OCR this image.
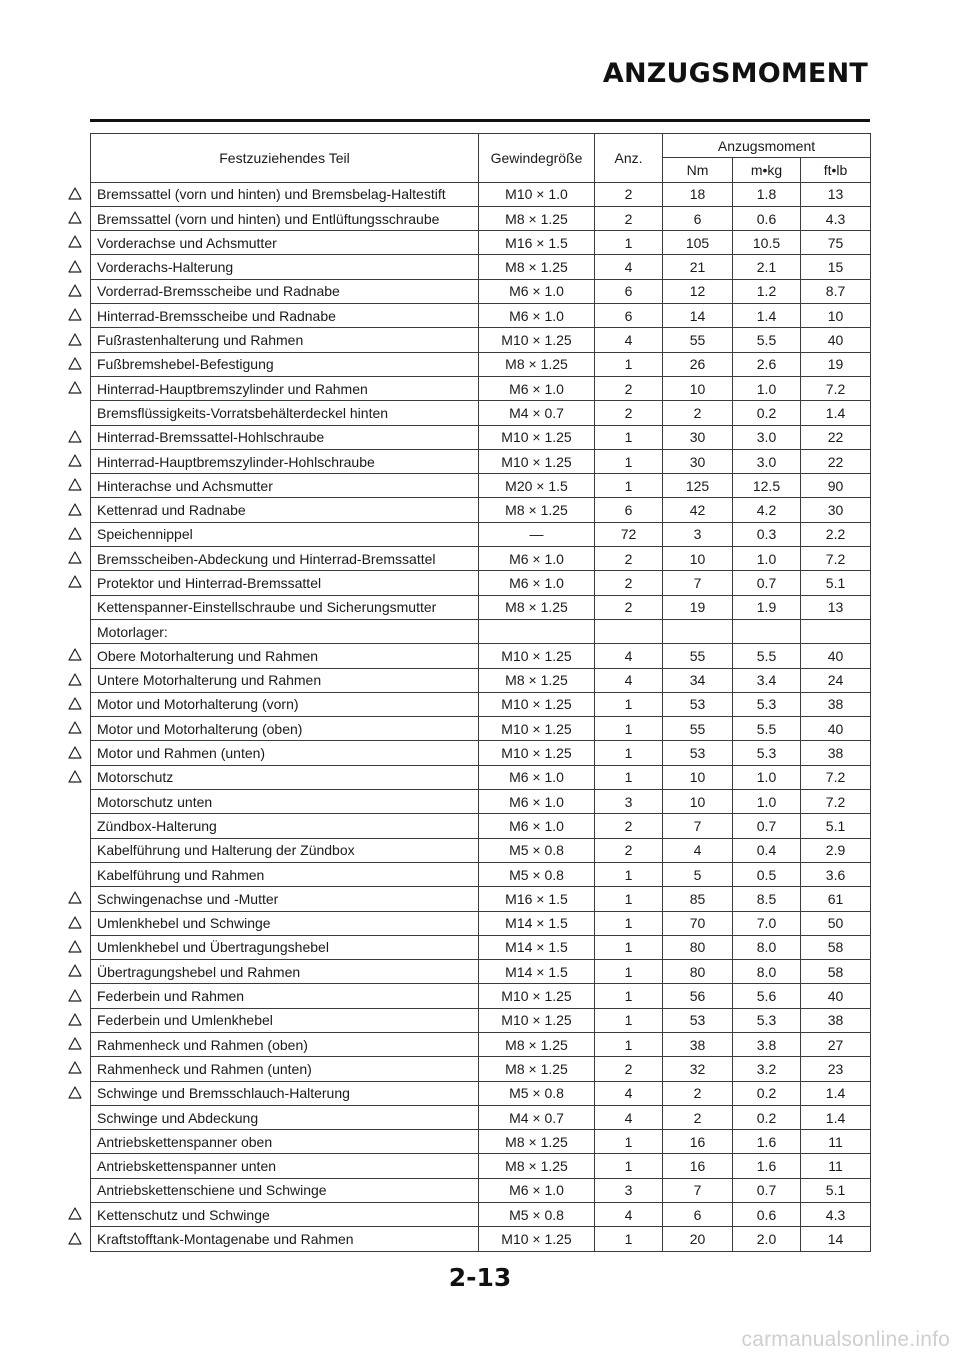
ANZUGSMOMENT
Festzuziehendes Teil	Gewindegröße	Anz.	Anzugsmoment		
			Nm	m•kg	ft•lb
Bremssattel (vorn und hinten) und Bremsbelag-Haltestift	M10 × 1.0	2	18	1.8	13
Bremssattel (vorn und hinten) und Entlüftungsschraube	M8 × 1.25	2	6	0.6	4.3
Vorderachse und Achsmutter	M16 × 1.5	1	105	10.5	75
Vorderachs-Halterung	M8 × 1.25	4	21	2.1	15
Vorderrad-Bremsscheibe und Radnabe	M6 × 1.0	6	12	1.2	8.7
Hinterrad-Bremsscheibe und Radnabe	M6 × 1.0	6	14	1.4	10
Fußrastenhalterung und Rahmen	M10 × 1.25	4	55	5.5	40
Fußbremshebel-Befestigung	M8 × 1.25	1	26	2.6	19
Hinterrad-Hauptbremszylinder und Rahmen	M6 × 1.0	2	10	1.0	7.2
Bremsflüssigkeits-Vorratsbehälterdeckel hinten	M4 × 0.7	2	2	0.2	1.4
Hinterrad-Bremssattel-Hohlschraube	M10 × 1.25	1	30	3.0	22
Hinterrad-Hauptbremszylinder-Hohlschraube	M10 × 1.25	1	30	3.0	22
Hinterachse und Achsmutter	M20 × 1.5	1	125	12.5	90
Kettenrad und Radnabe	M8 × 1.25	6	42	4.2	30
Speichennippel	—	72	3	0.3	2.2
Bremsscheiben-Abdeckung und Hinterrad-Bremssattel	M6 × 1.0	2	10	1.0	7.2
Protektor und Hinterrad-Bremssattel	M6 × 1.0	2	7	0.7	5.1
Kettenspanner-Einstellschraube und Sicherungsmutter	M8 × 1.25	2	19	1.9	13
Motorlager:					
Obere Motorhalterung und Rahmen	M10 × 1.25	4	55	5.5	40
Untere Motorhalterung und Rahmen	M8 × 1.25	4	34	3.4	24
Motor und Motorhalterung (vorn)	M10 × 1.25	1	53	5.3	38
Motor und Motorhalterung (oben)	M10 × 1.25	1	55	5.5	40
Motor und Rahmen (unten)	M10 × 1.25	1	53	5.3	38
Motorschutz	M6 × 1.0	1	10	1.0	7.2
Motorschutz unten	M6 × 1.0	3	10	1.0	7.2
Zündbox-Halterung	M6 × 1.0	2	7	0.7	5.1
Kabelführung und Halterung der Zündbox	M5 × 0.8	2	4	0.4	2.9
Kabelführung und Rahmen	M5 × 0.8	1	5	0.5	3.6
Schwingenachse und -Mutter	M16 × 1.5	1	85	8.5	61
Umlenkhebel und Schwinge	M14 × 1.5	1	70	7.0	50
Umlenkhebel und Übertragungshebel	M14 × 1.5	1	80	8.0	58
Übertragungshebel und Rahmen	M14 × 1.5	1	80	8.0	58
Federbein und Rahmen	M10 × 1.25	1	56	5.6	40
Federbein und Umlenkhebel	M10 × 1.25	1	53	5.3	38
Rahmenheck und Rahmen (oben)	M8 × 1.25	1	38	3.8	27
Rahmenheck und Rahmen (unten)	M8 × 1.25	2	32	3.2	23
Schwinge und Bremsschlauch-Halterung	M5 × 0.8	4	2	0.2	1.4
Schwinge und Abdeckung	M4 × 0.7	4	2	0.2	1.4
Antriebskettenspanner oben	M8 × 1.25	1	16	1.6	11
Antriebskettenspanner unten	M8 × 1.25	1	16	1.6	11
Antriebskettenschiene und Schwinge	M6 × 1.0	3	7	0.7	5.1
Kettenschutz und Schwinge	M5 × 0.8	4	6	0.6	4.3
Kraftstofftank-Montagenabe und Rahmen	M10 × 1.25	1	20	2.0	14
2-13
carmanualsonline.info
